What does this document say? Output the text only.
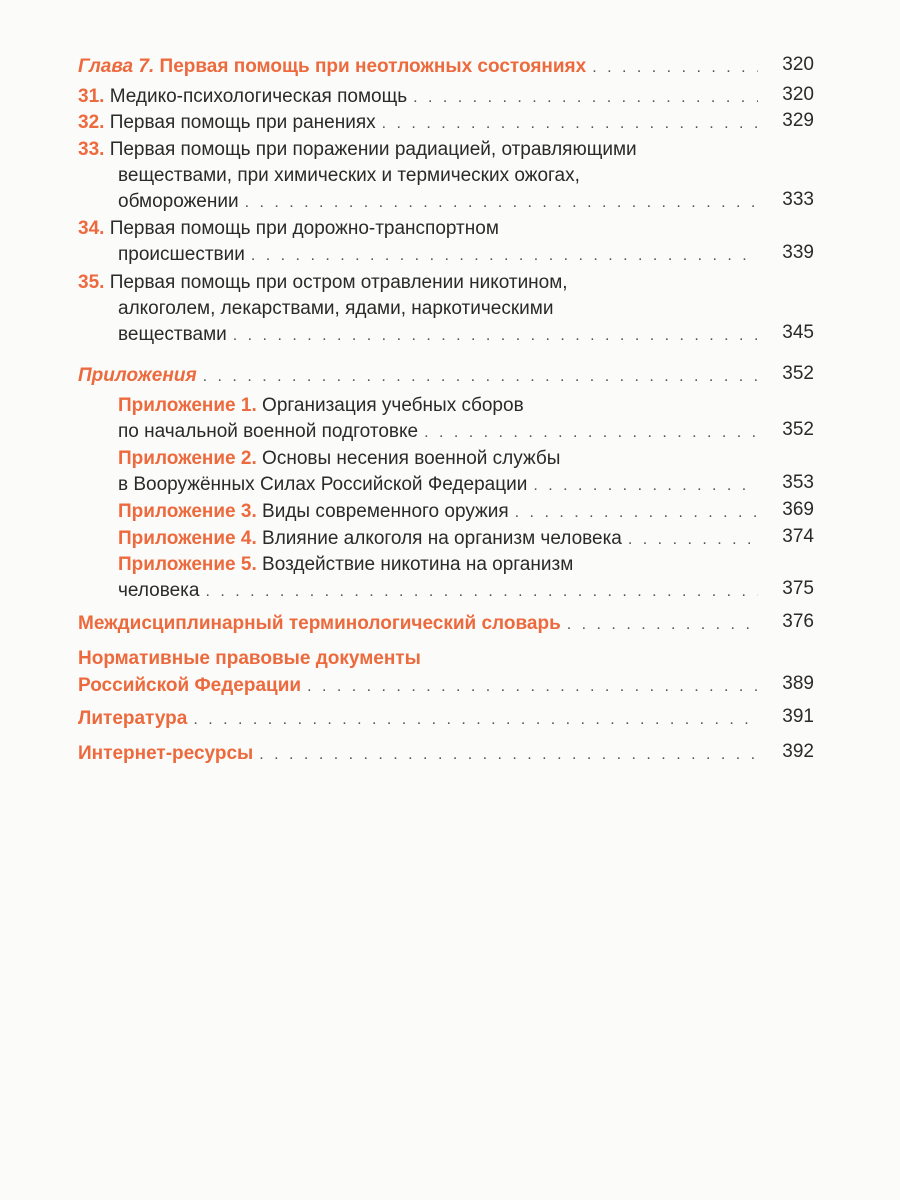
Глава 7.
Первая помощь при неотложных состояниях . . .	320
31.
Медико-психологическая помощь . . .	320
32.
Первая помощь при ранениях . . .	329
33. Первая помощь при поражении радиацией, отравляющими
веществами, при химических и термических ожогах,
обморожении . . .	333
34. Первая помощь при дорожно-транспортном
происшествии . . .	339
35. Первая помощь при остром отравлении никотином,
алкоголем, лекарствами, ядами, наркотическими
веществами . . .	345
Приложения . . .	352
Приложение 1. Организация учебных сборов
по начальной военной подготовке . . .	352
Приложение 2. Основы несения военной службы
в Вооружённых Силах Российской Федерации . . .	353
Приложение 3.
Виды современного оружия . . .	369
Приложение 4.
Влияние алкоголя на организм человека . . .	374
Приложение 5. Воздействие никотина на организм
человека . . .	375
Междисциплинарный терминологический словарь . . .	376
Нормативные правовые документы
Российской Федерации . . .	389
Литература . . .	391
Интернет-ресурсы . . .	392
